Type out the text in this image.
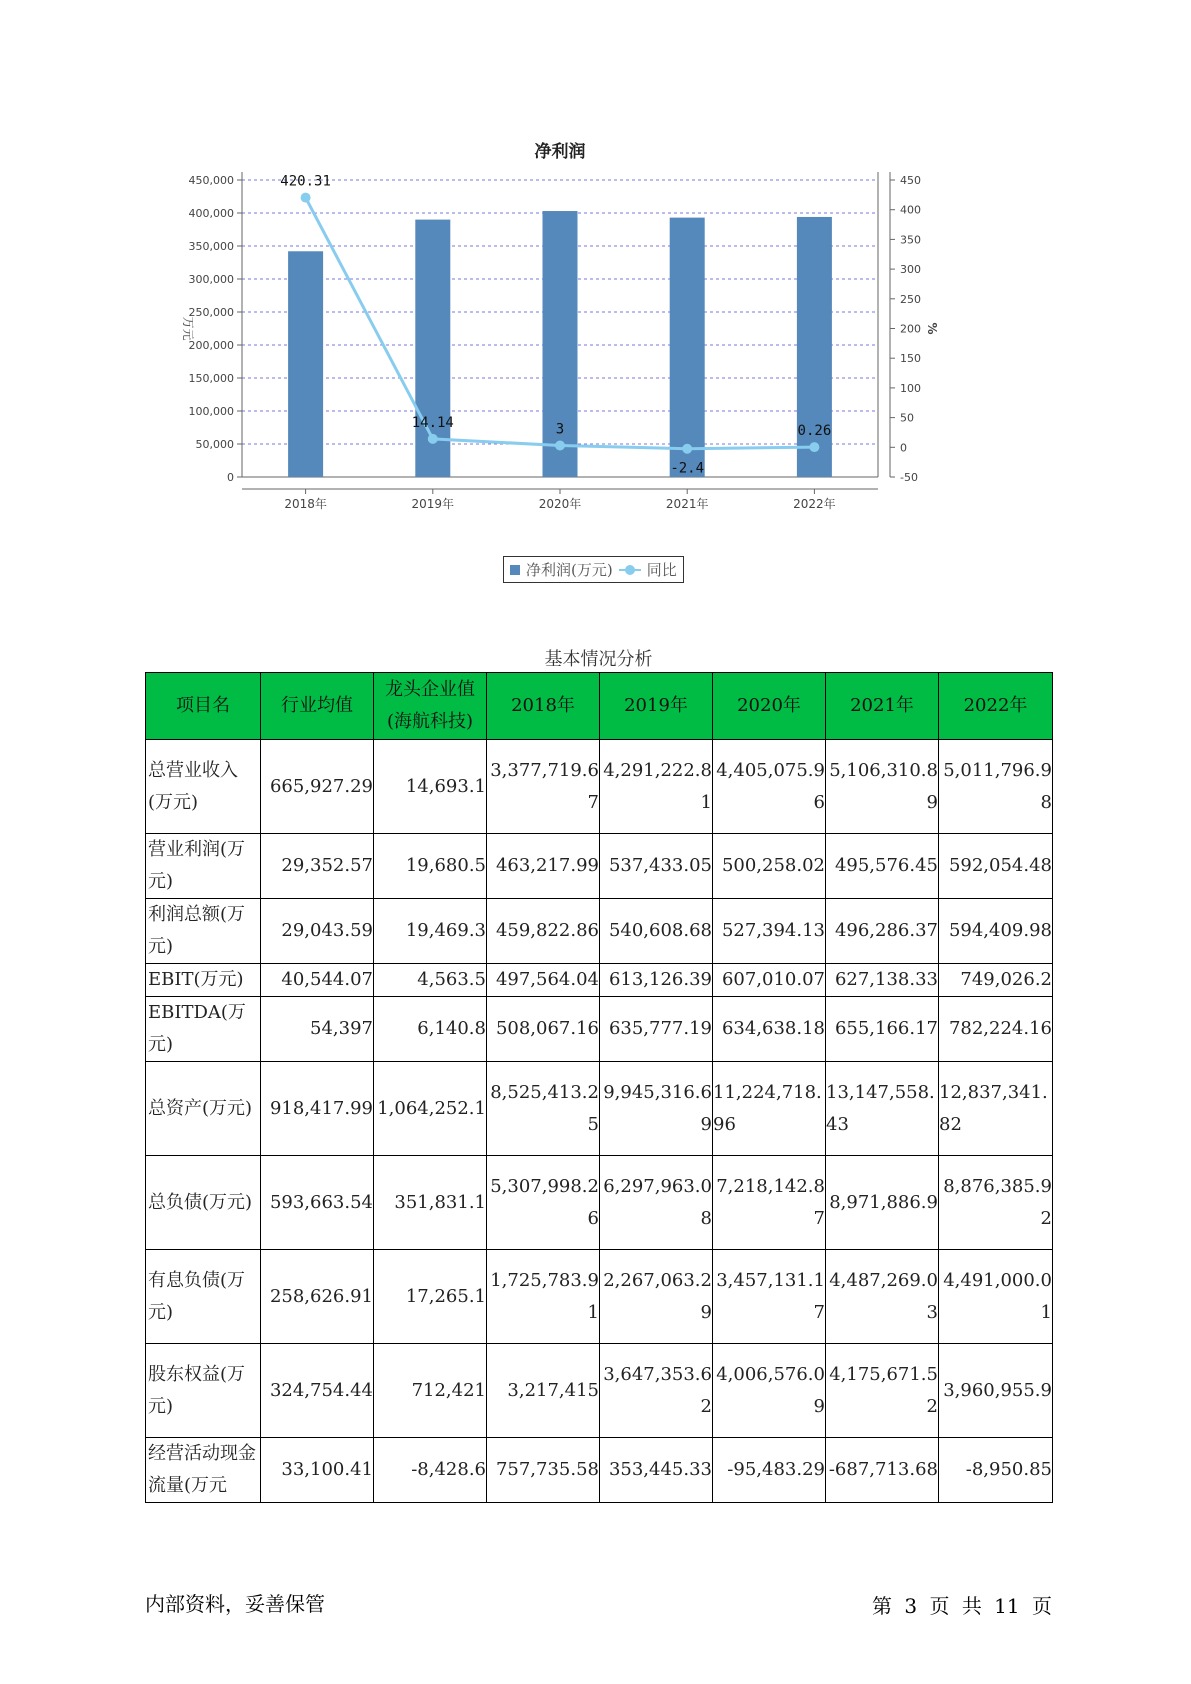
净利润
0
50,000
100,000
150,000
200,000
250,000
300,000
350,000
400,000
450,000
-50
0
50
100
150
200
250
300
350
400
450
万元	%
2018年	2019年	2020年	2021年	2022年
420.31
14.14	3
-2.4
0.26
净利润(万元) 同比
基本情况分析
项目名	行业均值	龙头企业值(海航科技)	2018年	2019年	2020年	2021年	2022年
总营业收入(万元)	665,927.29	14,693.1	3,377,719.67	4,291,222.81	4,405,075.96	5,106,310.89	5,011,796.98
营业利润(万元)	29,352.57	19,680.5	463,217.99	537,433.05	500,258.02	495,576.45	592,054.48
利润总额(万元)	29,043.59	19,469.3	459,822.86	540,608.68	527,394.13	496,286.37	594,409.98
EBIT(万元)	40,544.07	4,563.5	497,564.04	613,126.39	607,010.07	627,138.33	749,026.2
EBITDA(万元)	54,397	6,140.8	508,067.16	635,777.19	634,638.18	655,166.17	782,224.16
总资产(万元)	918,417.99	1,064,252.1	8,525,413.25	9,945,316.69	11,224,718.96	13,147,558.43	12,837,341.82
总负债(万元)	593,663.54	351,831.1	5,307,998.26	6,297,963.08	7,218,142.87	8,971,886.9	8,876,385.92
有息负债(万元)	258,626.91	17,265.1	1,725,783.91	2,267,063.29	3,457,131.17	4,487,269.03	4,491,000.01
股东权益(万元)	324,754.44	712,421	3,217,415	3,647,353.62	4,006,576.09	4,175,671.52	3,960,955.9
经营活动现金流量(万元	33,100.41	-8,428.6	757,735.58	353,445.33	-95,483.29	-687,713.68	-8,950.85
内部资料，妥善保管	第 3 页 共 11 页
